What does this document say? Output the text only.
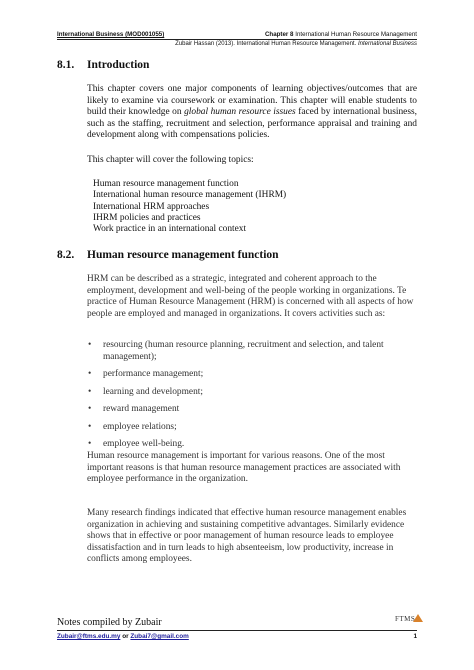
International Business (MOD001055)	Chapter 8 International Human Resource Management
Zubair Hassan (2013). International Human Resource Management. International Business
8.1. Introduction

This chapter covers one major components of learning objectives/outcomes that are likely to examine via coursework or examination. This chapter will enable students to build their knowledge on global human resource issues faced by international business, such as the staffing, recruitment and selection, performance appraisal and training and development along with compensations policies.

This chapter will cover the following topics:

Human resource management function
International human resource management (IHRM)
International HRM approaches
IHRM policies and practices
Work practice in an international context
8.2. Human resource management function

HRM can be described as a strategic, integrated and coherent approach to the employment, development and well-being of the people working in organizations. Te practice of Human Resource Management (HRM) is concerned with all aspects of how people are employed and managed in organizations. It covers activities such as:

• resourcing (human resource planning, recruitment and selection, and talent management);
• performance management;
• learning and development;
• reward management
• employee relations;
• employee well-being.

Human resource management is important for various reasons. One of the most important reasons is that human resource management practices are associated with employee performance in the organization.

Many research findings indicated that effective human resource management enables organization in achieving and sustaining competitive advantages. Similarly evidence shows that in effective or poor management of human resource leads to employee dissatisfaction and in turn leads to high absenteeism, low productivity, increase in conflicts among employees.

Notes compiled by Zubair	FTMS
Zubair@ftms.edu.my or Zubai7@gmail.com	1
